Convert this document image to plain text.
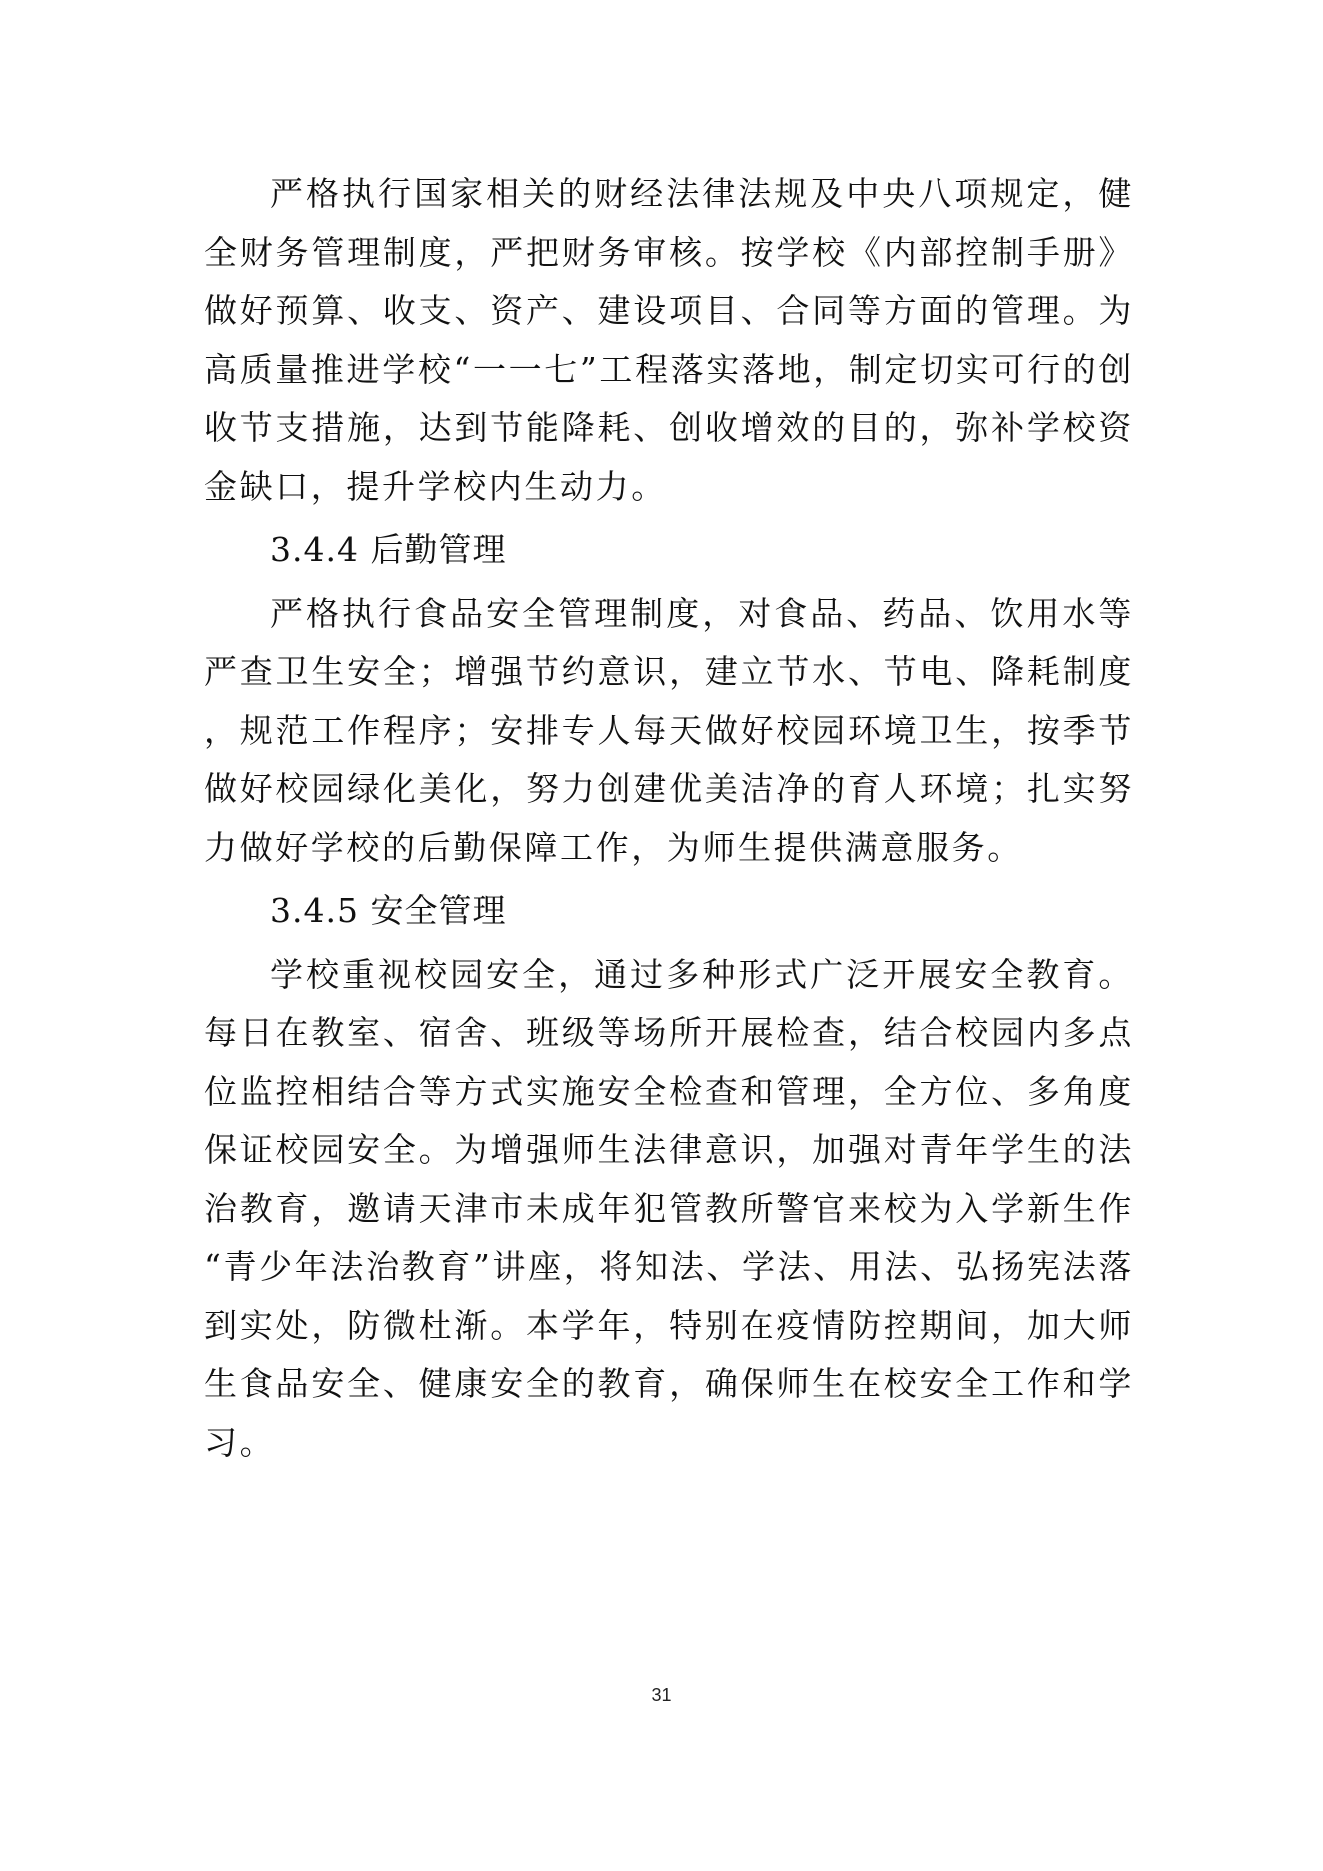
严格执行国家相关的财经法律法规及中央八项规定，健全财务管理制度，严把财务审核。按学校《内部控制手册》做好预算、收支、资产、建设项目、合同等方面的管理。为高质量推进学校“一一七”工程落实落地，制定切实可行的创收节支措施，达到节能降耗、创收增效的目的，弥补学校资金缺口，提升学校内生动力。

3.4.4 后勤管理

严格执行食品安全管理制度，对食品、药品、饮用水等严查卫生安全；增强节约意识，建立节水、节电、降耗制度，规范工作程序；安排专人每天做好校园环境卫生，按季节做好校园绿化美化，努力创建优美洁净的育人环境；扎实努力做好学校的后勤保障工作，为师生提供满意服务。

3.4.5 安全管理

学校重视校园安全，通过多种形式广泛开展安全教育。每日在教室、宿舍、班级等场所开展检查，结合校园内多点位监控相结合等方式实施安全检查和管理，全方位、多角度保证校园安全。为增强师生法律意识，加强对青年学生的法治教育，邀请天津市未成年犯管教所警官来校为入学新生作“青少年法治教育”讲座，将知法、学法、用法、弘扬宪法落到实处，防微杜渐。本学年，特别在疫情防控期间，加大师生食品安全、健康安全的教育，确保师生在校安全工作和学习。

31
